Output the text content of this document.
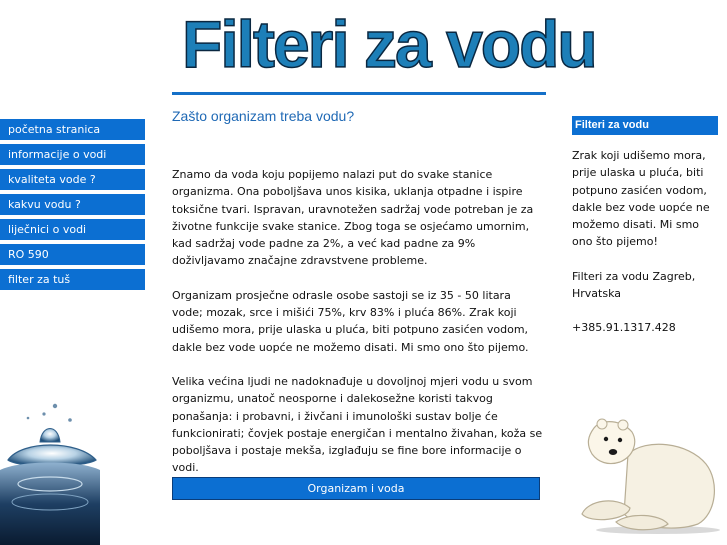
Filteri za vodu
početna stranica
informacije o vodi
kvaliteta vode ?
kakvu vodu ?
liječnici o vodi
RO 590
filter za tuš
Zašto organizam treba vodu?

Znamo da voda koju popijemo nalazi put do svake stanice organizma. Ona poboljšava unos kisika, uklanja otpadne i ispire toksične tvari. Ispravan, uravnotežen sadržaj vode potreban je za životne funkcije svake stanice. Zbog toga se osjećamo umornim, kad sadržaj vode padne za 2%, a već kad padne za 9% doživljavamo značajne zdravstvene probleme.

Organizam prosječne odrasle osobe sastoji se iz 35 - 50 litara vode; mozak, srce i mišići 75%, krv 83% i pluća 86%. Zrak koji udišemo mora, prije ulaska u pluća, biti potpuno zasićen vodom, dakle bez vode uopće ne možemo disati. Mi smo ono što pijemo.

Velika većina ljudi ne nadoknađuje u dovoljnoj mjeri vodu u svom organizmu, unatoč neosporne i dalekosežne koristi takvog ponašanja: i probavni, i živčani i imunološki sustav bolje će funkcionirati; čovjek postaje energičan i mentalno živahan, koža se poboljšava i postaje mekša, izglađuju se fine bore informacije o vodi.

Organizam i voda
Filteri za vodu

Zrak koji udišemo mora, prije ulaska u pluća, biti potpuno zasićen vodom, dakle bez vode uopće ne možemo disati. Mi smo ono što pijemo!

Filteri za vodu Zagreb, Hrvatska

+385.91.1317.428
